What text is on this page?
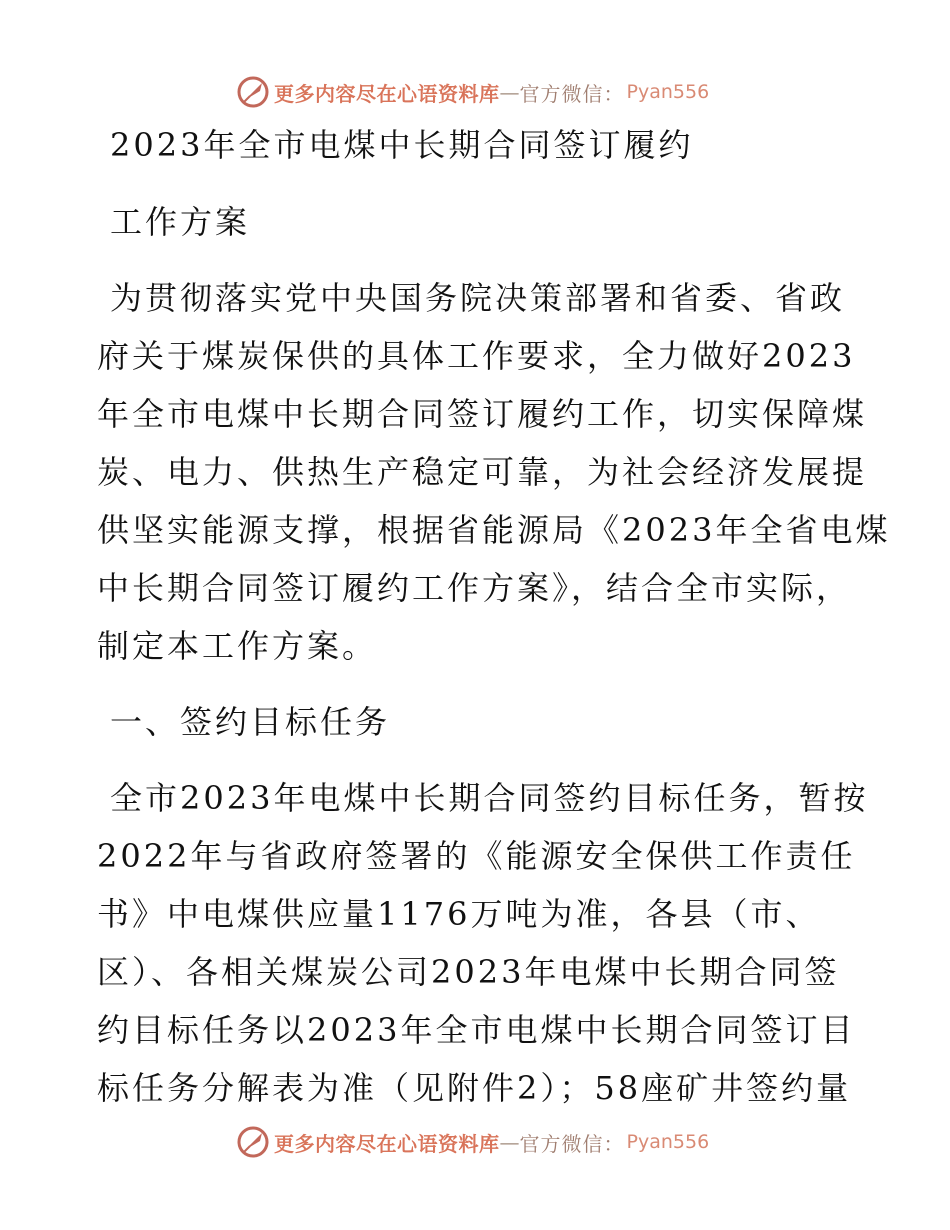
更多内容尽在心语资料库 — 官方微信： Pyan556
2023年全市电煤中长期合同签订履约
工作方案
为贯彻落实党中央国务院决策部署和省委、省政
府关于煤炭保供的具体工作要求，全力做好2023
年全市电煤中长期合同签订履约工作，切实保障煤
炭、电力、供热生产稳定可靠，为社会经济发展提
供坚实能源支撑，根据省能源局《2023年全省电煤
中长期合同签订履约工作方案》，结合全市实际，
制定本工作方案。
一、签约目标任务
全市2023年电煤中长期合同签约目标任务，暂按
2022年与省政府签署的《能源安全保供工作责任
书》中电煤供应量1176万吨为准，各县（市、
区）、各相关煤炭公司2023年电煤中长期合同签
约目标任务以2023年全市电煤中长期合同签订目
标任务分解表为准（见附件2）；58座矿井签约量
更多内容尽在心语资料库 — 官方微信： Pyan556
